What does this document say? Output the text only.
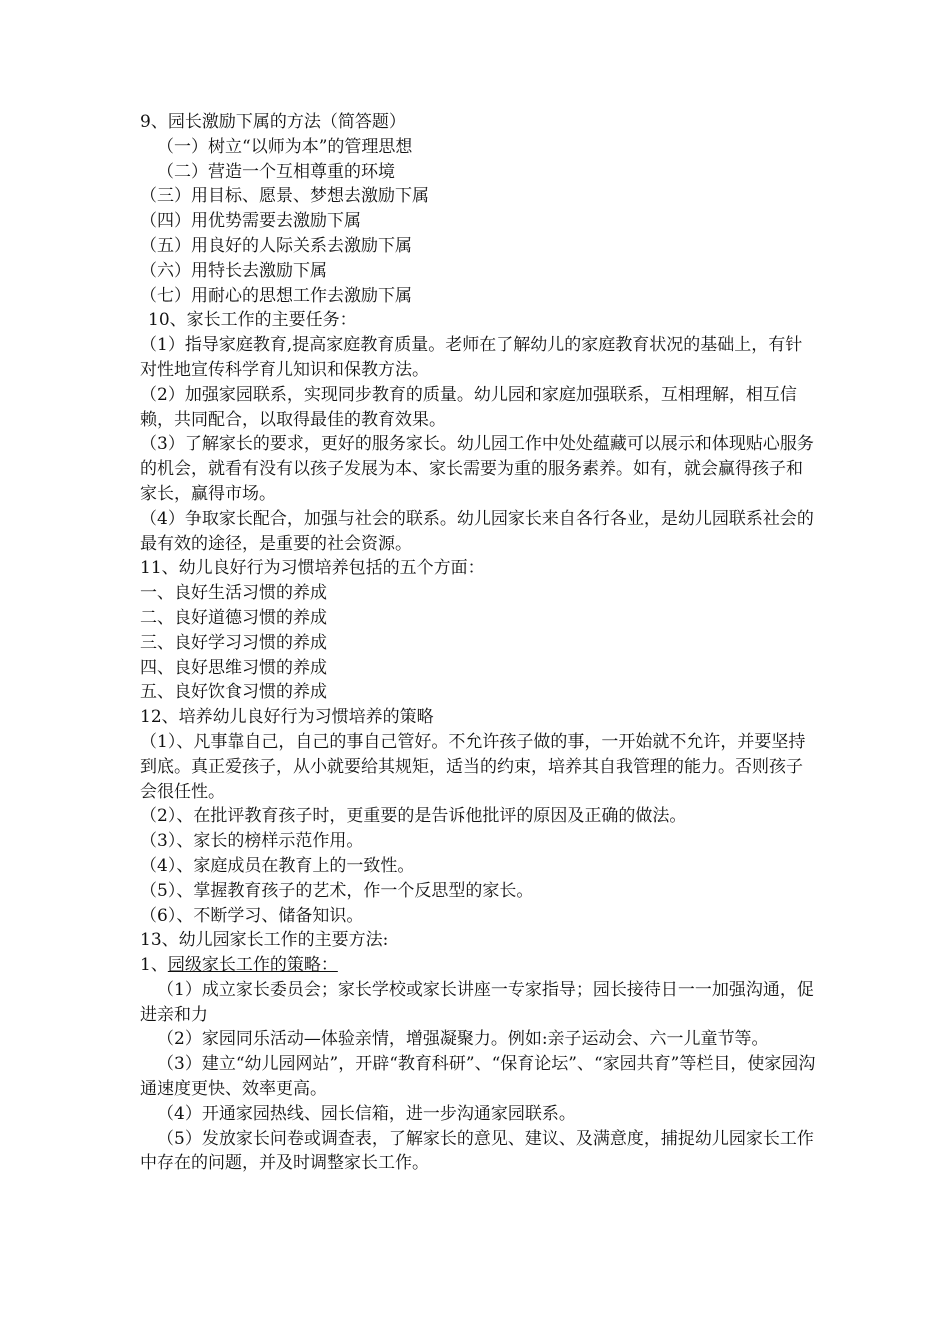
9、园长激励下属的方法（简答题）
（一）树立“以师为本”的管理思想
（二）营造一个互相尊重的环境
（三）用目标、愿景、梦想去激励下属
（四）用优势需要去激励下属
（五）用良好的人际关系去激励下属
（六）用特长去激励下属
（七）用耐心的思想工作去激励下属
10、家长工作的主要任务：

（1）指导家庭教育,提高家庭教育质量。老师在了解幼儿的家庭教育状况的基础上，有针对性地宣传科学育儿知识和保教方法。

（2）加强家园联系，实现同步教育的质量。幼儿园和家庭加强联系，互相理解，相互信赖，共同配合，以取得最佳的教育效果。

（3）了解家长的要求，更好的服务家长。幼儿园工作中处处蕴藏可以展示和体现贴心服务的机会，就看有没有以孩子发展为本、家长需要为重的服务素养。如有，就会赢得孩子和家长，赢得市场。

（4）争取家长配合，加强与社会的联系。幼儿园家长来自各行各业，是幼儿园联系社会的最有效的途径，是重要的社会资源。

11、幼儿良好行为习惯培养包括的五个方面：
一、良好生活习惯的养成
二、良好道德习惯的养成
三、良好学习习惯的养成
四、良好思维习惯的养成
五、良好饮食习惯的养成
12、培养幼儿良好行为习惯培养的策略

（1）、凡事靠自己，自己的事自己管好。不允许孩子做的事，一开始就不允许，并要坚持到底。真正爱孩子，从小就要给其规矩，适当的约束，培养其自我管理的能力。否则孩子会很任性。

（2）、在批评教育孩子时，更重要的是告诉他批评的原因及正确的做法。

（3）、家长的榜样示范作用。

（4）、家庭成员在教育上的一致性。

（5）、掌握教育孩子的艺术，作一个反思型的家长。

（6）、不断学习、储备知识。

13、幼儿园家长工作的主要方法:
1、园级家长工作的策略：

（1）成立家长委员会；家长学校或家长讲座一专家指导；园长接待日一一加强沟通，促进亲和力

（2）家园同乐活动—体验亲情，增强凝聚力。例如:亲子运动会、六一儿童节等。

（3）建立“幼儿园网站”，开辟“教育科研”、“保育论坛”、“家园共育”等栏目，使家园沟通速度更快、效率更高。

（4）开通家园热线、园长信箱，进一步沟通家园联系。

（5）发放家长问卷或调查表，了解家长的意见、建议、及满意度，捕捉幼儿园家长工作中存在的问题，并及时调整家长工作。
